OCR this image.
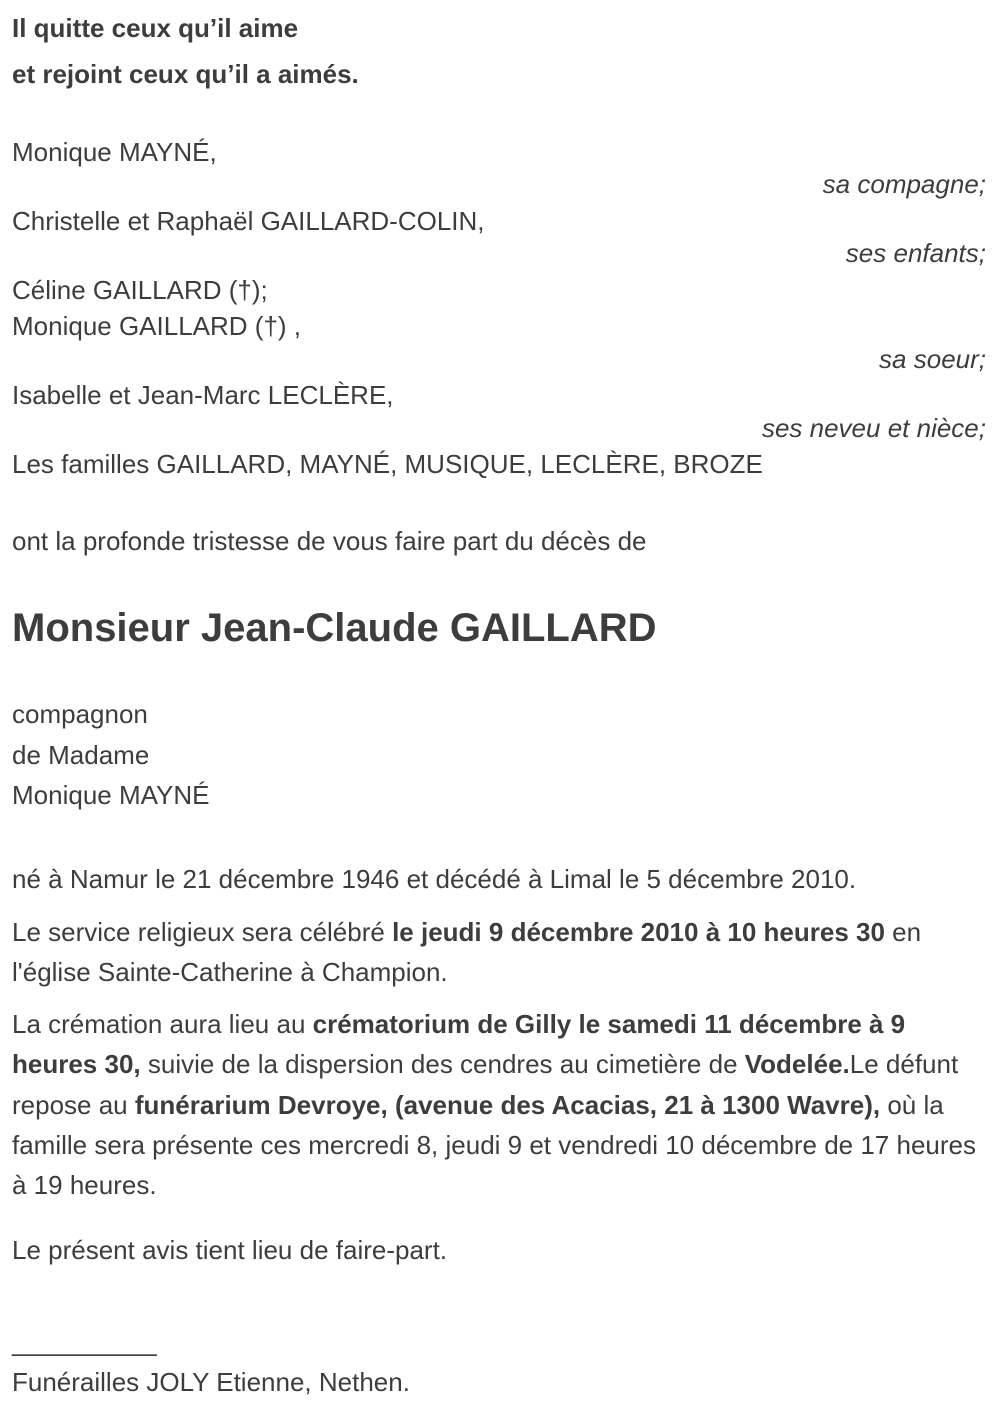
Il quitte ceux qu’il aime

et rejoint ceux qu’il a aimés.

Monique MAYNÉ,
sa compagne;
Christelle et Raphaël GAILLARD-COLIN,
ses enfants;
Céline GAILLARD (†);
Monique GAILLARD (†) ,
sa soeur;
Isabelle et Jean-Marc LECLÈRE,
ses neveu et nièce;
Les familles GAILLARD, MAYNÉ, MUSIQUE, LECLÈRE, BROZE
ont la profonde tristesse de vous faire part du décès de
Monsieur Jean-Claude GAILLARD
compagnon
de Madame
Monique MAYNÉ

né à Namur le 21 décembre 1946 et décédé à Limal le 5 décembre 2010.

Le service religieux sera célébré le jeudi 9 décembre 2010 à 10 heures 30 en l'église Sainte-Catherine à Champion.

La crémation aura lieu au crématorium de Gilly le samedi 11 décembre à 9 heures 30, suivie de la dispersion des cendres au cimetière de Vodelée.Le défunt repose au funérarium Devroye, (avenue des Acacias, 21 à 1300 Wavre), où la famille sera présente ces mercredi 8, jeudi 9 et vendredi 10 décembre de 17 heures à 19 heures.

Le présent avis tient lieu de faire-part.

__________
Funérailles JOLY Etienne, Nethen.
